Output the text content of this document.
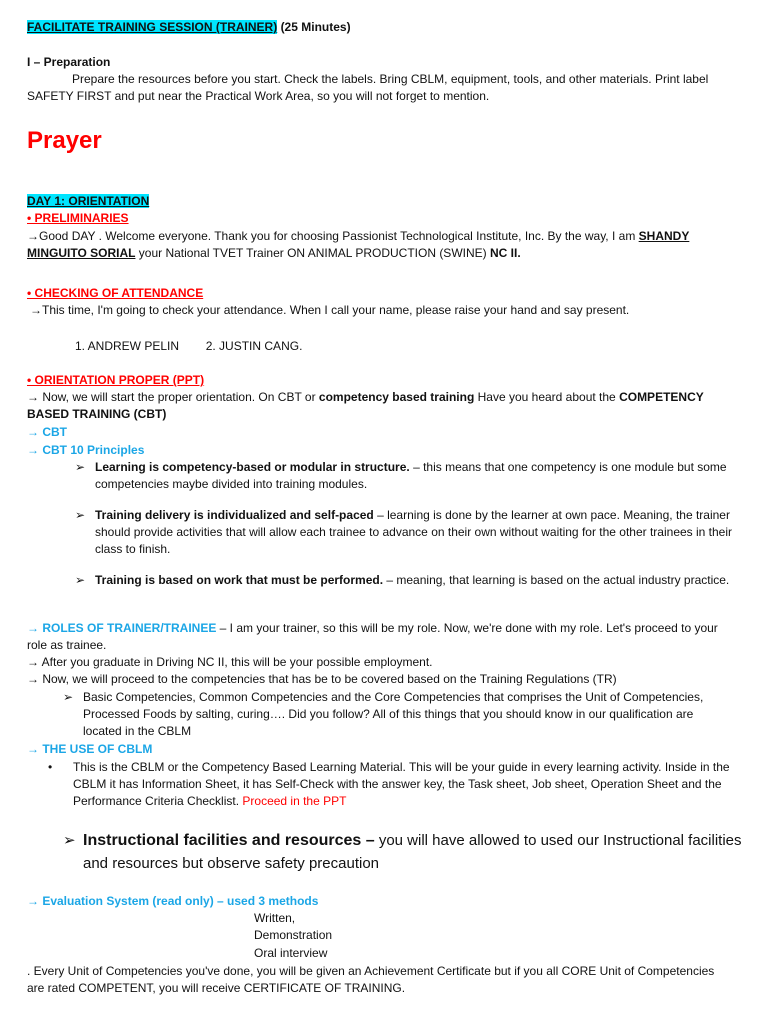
FACILITATE TRAINING SESSION (TRAINER) (25 Minutes)

I – Preparation

Prepare the resources before you start. Check the labels. Bring CBLM, equipment, tools, and other materials. Print label SAFETY FIRST and put near the Practical Work Area, so you will not forget to mention.

Prayer

DAY 1: ORIENTATION

• PRELIMINARIES

→Good DAY . Welcome everyone. Thank you for choosing Passionist Technological Institute, Inc. By the way, I am SHANDY MINGUITO SORIAL your National TVET Trainer ON ANIMAL PRODUCTION (SWINE) NC II.

• CHECKING OF ATTENDANCE

→This time, I'm going to check your attendance. When I call your name, please raise your hand and say present.

1. ANDREW PELIN 2. JUSTIN CANG.

• ORIENTATION PROPER (PPT)

→ Now, we will start the proper orientation. On CBT or competency based training Have you heard about the COMPETENCY BASED TRAINING (CBT)

→ CBT

→ CBT 10 Principles

➢ Learning is competency-based or modular in structure. – this means that one competency is one module but some competencies maybe divided into training modules.
➢ Training delivery is individualized and self-paced – learning is done by the learner at own pace. Meaning, the trainer should provide activities that will allow each trainee to advance on their own without waiting for the other trainees in their class to finish.
➢ Training is based on work that must be performed. – meaning, that learning is based on the actual industry practice.

→ ROLES OF TRAINER/TRAINEE – I am your trainer, so this will be my role. Now, we're done with my role. Let's proceed to your role as trainee.

→ After you graduate in Driving NC II, this will be your possible employment.

→ Now, we will proceed to the competencies that has be to be covered based on the Training Regulations (TR)

➢ Basic Competencies, Common Competencies and the Core Competencies that comprises the Unit of Competencies, Processed Foods by salting, curing…. Did you follow? All of this things that you should know in our qualification are located in the CBLM

→ THE USE OF CBLM

•	This is the CBLM or the Competency Based Learning Material. This will be your guide in every learning activity. Inside in the CBLM it has Information Sheet, it has Self-Check with the answer key, the Task sheet, Job sheet, Operation Sheet and the Performance Criteria Checklist. Proceed in the PPT
➢ Instructional facilities and resources – you will have allowed to used our Instructional facilities and resources but observe safety precaution

→ Evaluation System (read only) – used 3 methods

Written,

Demonstration

Oral interview

. Every Unit of Competencies you've done, you will be given an Achievement Certificate but if you all CORE Unit of Competencies are rated COMPETENT, you will receive CERTIFICATE OF TRAINING.
